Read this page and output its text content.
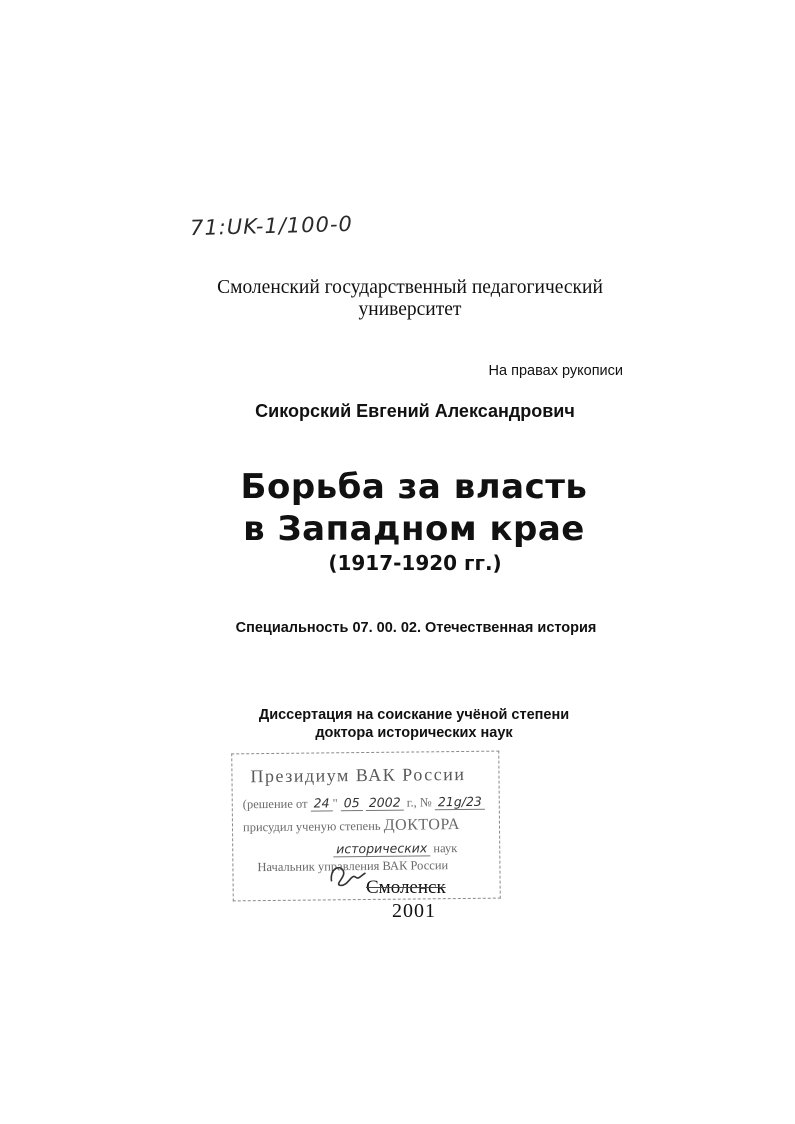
71:UK-1/100-0
Смоленский государственный педагогический
университет
На правах рукописи
Сикорский Евгений Александрович
Борьба за власть
в Западном крае
(1917-1920 гг.)
Специальность 07. 00. 02. Отечественная история
Диссертация на соискание учёной степени
доктора исторических наук
Президиум ВАК России
(решение от 24 " 05 2002 г., № 21g/23
присудил ученую степень ДОКТОРА
исторических наук
Начальник управления ВАК России
Смоленск
2001
